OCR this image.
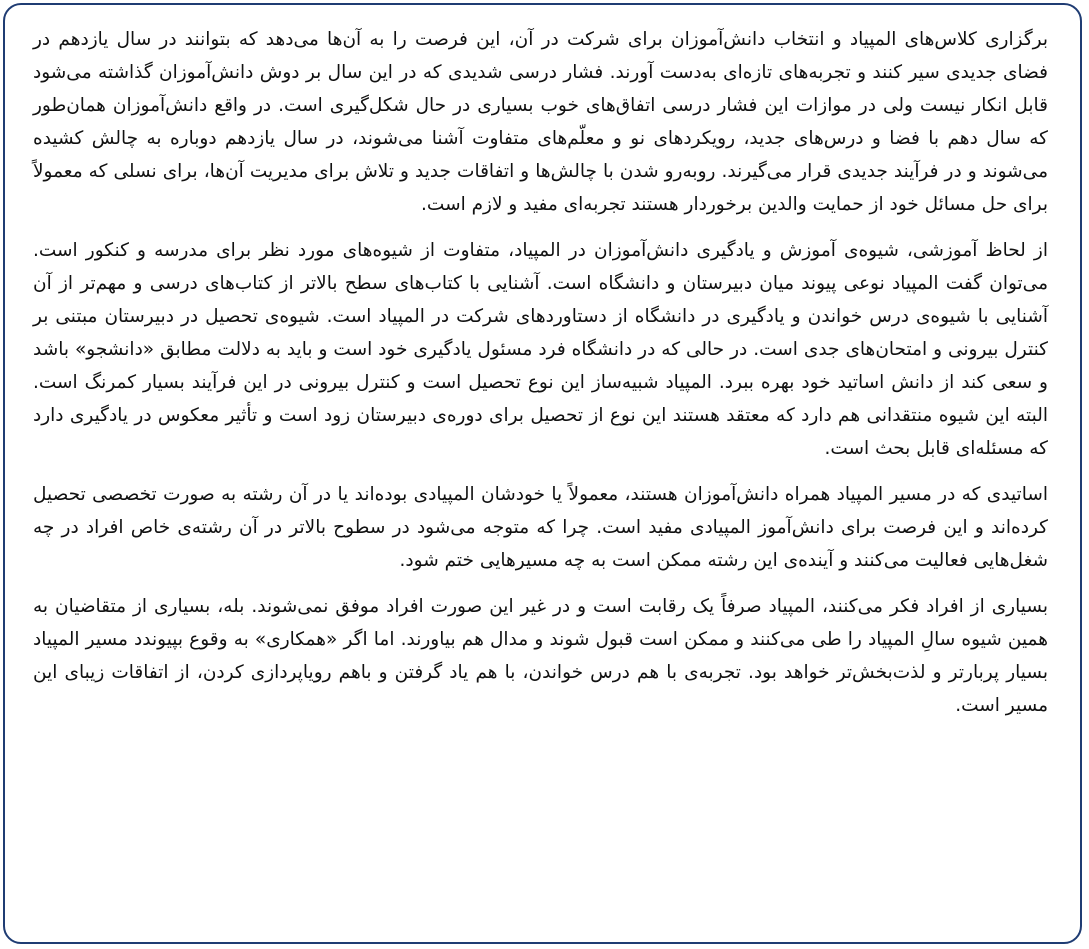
برگزاری کلاس‌های المپیاد و انتخاب دانش‌آموزان برای شرکت در آن، این فرصت را به آن‌ها می‌دهد که بتوانند در سال یازدهم در فضای جدیدی سیر کنند و تجربه‌های تازه‌ای به‌دست آورند. فشار درسی شدیدی که در این سال بر دوش دانش‌آموزان گذاشته می‌شود قابل انکار نیست ولی در موازات این فشار درسی اتفاق‌های خوب بسیاری در حال شکل‌گیری است. در واقع دانش‌آموزان همان‌طور که سال دهم با فضا و درس‌های جدید، رویکردهای نو و معلّم‌های متفاوت آشنا می‌شوند، در سال یازدهم دوباره به چالش کشیده می‌شوند و در فرآیند جدیدی قرار می‌گیرند. روبه‌رو شدن با چالش‌ها و اتفاقات جدید و تلاش برای مدیریت آن‌ها، برای نسلی که معمولاً برای حل مسائل خود از حمایت والدین برخوردار هستند تجربه‌ای مفید و لازم است.

از لحاظ آموزشی، شیوه‌ی آموزش و یادگیری دانش‌آموزان در المپیاد، متفاوت از شیوه‌های مورد نظر برای مدرسه و کنکور است. می‌توان گفت المپیاد نوعی پیوند میان دبیرستان و دانشگاه است. آشنایی با کتاب‌های سطح بالاتر از کتاب‌های درسی و مهم‌تر از آن آشنایی با شیوه‌ی درس خواندن و یادگیری در دانشگاه از دستاوردهای شرکت در المپیاد است. شیوه‌ی تحصیل در دبیرستان مبتنی بر کنترل بیرونی و امتحان‌های جدی است. در حالی که در دانشگاه فرد مسئول یادگیری خود است و باید به دلالت مطابق «دانشجو» باشد و سعی کند از دانش اساتید خود بهره ببرد. المپیاد شبیه‌ساز این نوع تحصیل است و کنترل بیرونی در این فرآیند بسیار کمرنگ است. البته این شیوه منتقدانی هم دارد که معتقد هستند این نوع از تحصیل برای دوره‌ی دبیرستان زود است و تأثیر معکوس در یادگیری دارد که مسئله‌ای قابل بحث است.

اساتیدی که در مسیر المپیاد همراه دانش‌آموزان هستند، معمولاً یا خودشان المپیادی بوده‌اند یا در آن رشته به صورت تخصصی تحصیل کرده‌اند و این فرصت برای دانش‌آموز المپیادی مفید است. چرا که متوجه می‌شود در سطوح بالاتر در آن رشته‌ی خاص افراد در چه شغل‌هایی فعالیت می‌کنند و آینده‌ی این رشته ممکن است به چه مسیرهایی ختم شود.

بسیاری از افراد فکر می‌کنند، المپیاد صرفاً یک رقابت است و در غیر این صورت افراد موفق نمی‌شوند. بله، بسیاری از متقاضیان به همین شیوه سالِ المپیاد را طی می‌کنند و ممکن است قبول شوند و مدال هم بیاورند. اما اگر «همکاری» به وقوع بپیوندد مسیر المپیاد بسیار پربارتر و لذت‌بخش‌تر خواهد بود. تجربه‌ی با هم درس خواندن، با هم یاد گرفتن و باهم رویاپردازی کردن، از اتفاقات زیبای این مسیر است.
